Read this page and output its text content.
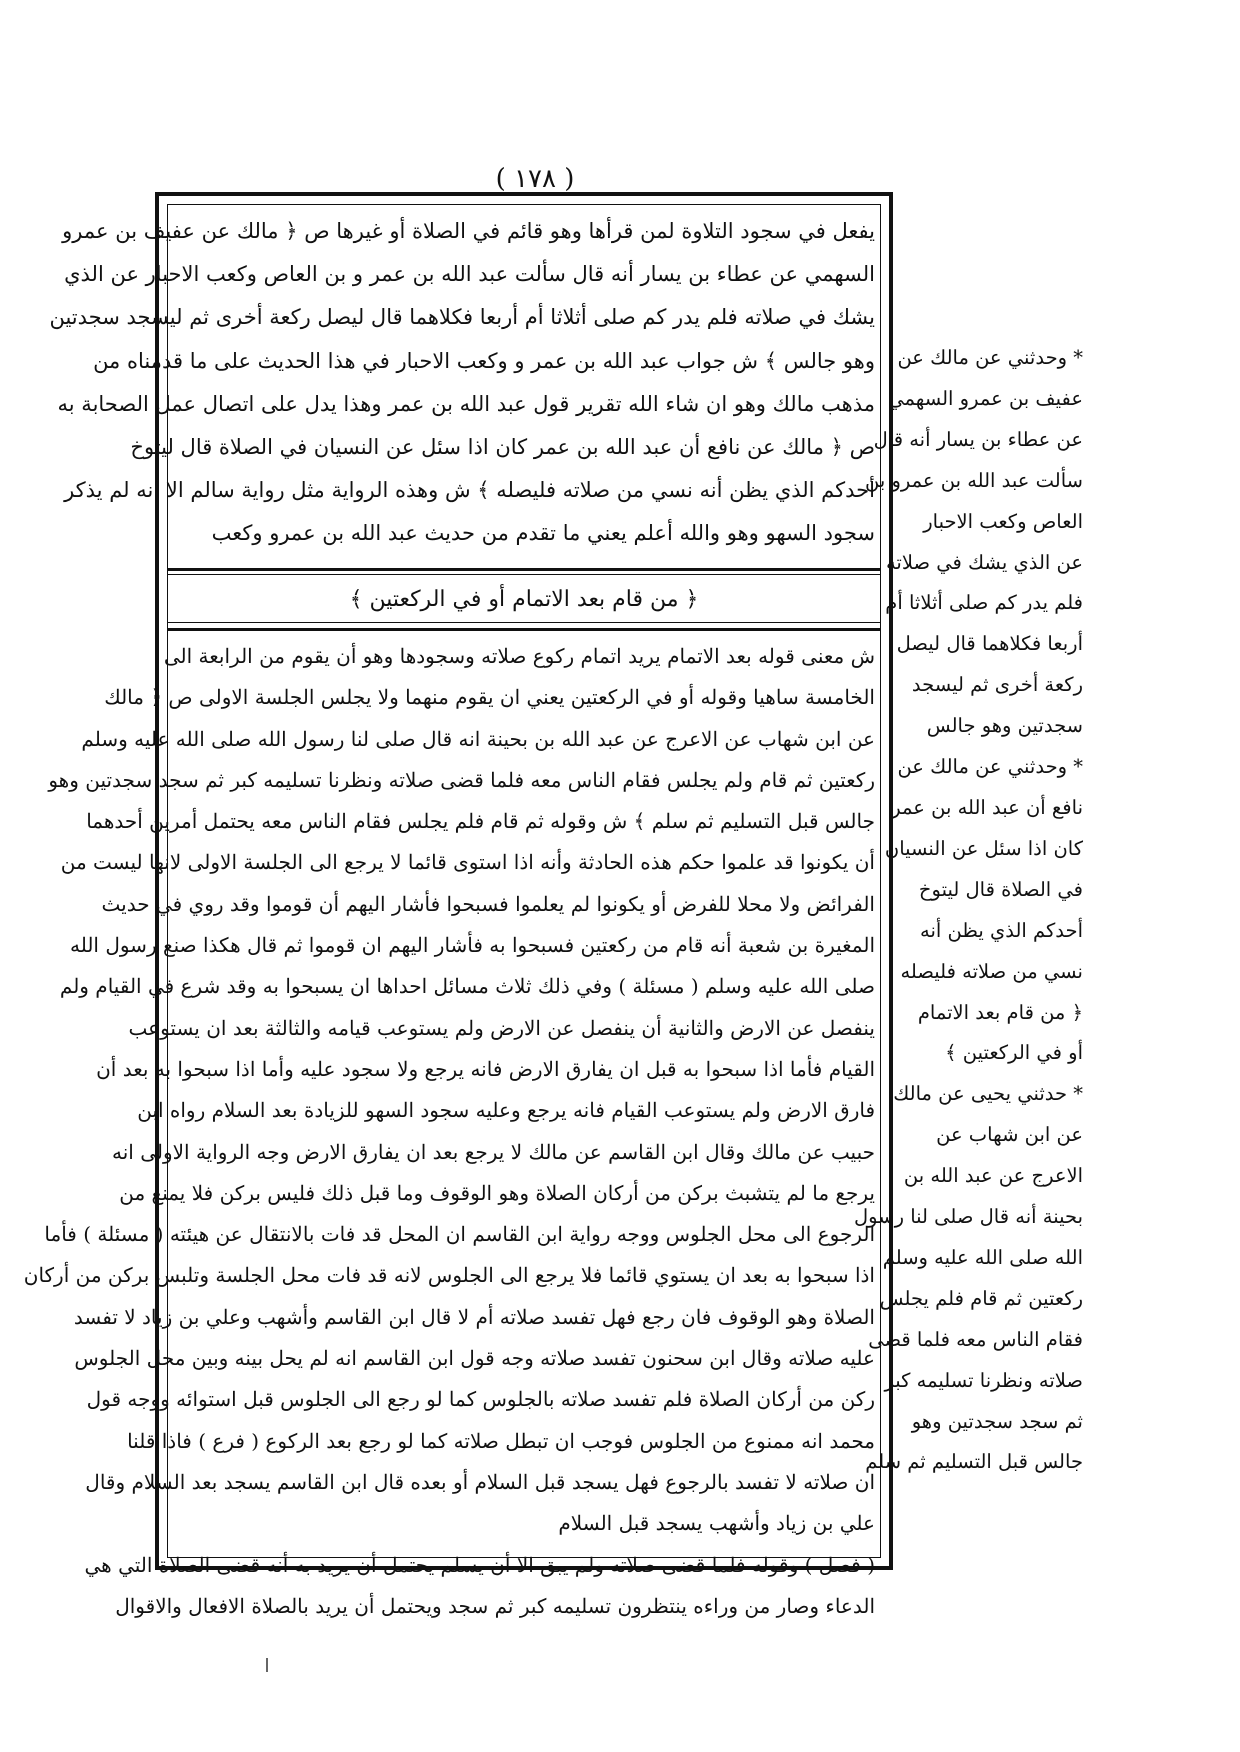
( ١٧٨ )

يفعل في سجود التلاوة لمن قرأها وهو قائم في الصلاة أو غيرها ص ﴿ مالك عن عفيف بن عمرو

السهمي عن عطاء بن يسار أنه قال سألت عبد الله بن عمر و بن العاص وكعب الاحبار عن الذي

يشك في صلاته فلم يدر كم صلى أثلاثا أم أربعا فكلاهما قال ليصل ركعة أخرى ثم ليسجد سجدتين

وهو جالس ﴾ ش جواب عبد الله بن عمر و وكعب الاحبار في هذا الحديث على ما قدمناه من

مذهب مالك وهو ان شاء الله تقرير قول عبد الله بن عمر وهذا يدل على اتصال عمل الصحابة به

ص ﴿ مالك عن نافع أن عبد الله بن عمر كان اذا سئل عن النسيان في الصلاة قال ليتوخ

أحدكم الذي يظن أنه نسي من صلاته فليصله ﴾ ش وهذه الرواية مثل رواية سالم الا انه لم يذكر

سجود السهو وهو والله أعلم يعني ما تقدم من حديث عبد الله بن عمرو وكعب

﴿ من قام بعد الاتمام أو في الركعتين ﴾

ش معنى قوله بعد الاتمام يريد اتمام ركوع صلاته وسجودها وهو أن يقوم من الرابعة الى

الخامسة ساهيا وقوله أو في الركعتين يعني ان يقوم منهما ولا يجلس الجلسة الاولى ص ﴿ مالك

عن ابن شهاب عن الاعرج عن عبد الله بن بحينة انه قال صلى لنا رسول الله صلى الله عليه وسلم

ركعتين ثم قام ولم يجلس فقام الناس معه فلما قضى صلاته ونظرنا تسليمه كبر ثم سجد سجدتين وهو

جالس قبل التسليم ثم سلم ﴾ ش وقوله ثم قام فلم يجلس فقام الناس معه يحتمل أمرين أحدهما

أن يكونوا قد علموا حكم هذه الحادثة وأنه اذا استوى قائما لا يرجع الى الجلسة الاولى لانها ليست من

الفرائض ولا محلا للفرض أو يكونوا لم يعلموا فسبحوا فأشار اليهم أن قوموا وقد روي في حديث

المغيرة بن شعبة أنه قام من ركعتين فسبحوا به فأشار اليهم ان قوموا ثم قال هكذا صنع رسول الله

صلى الله عليه وسلم ( مسئلة ) وفي ذلك ثلاث مسائل احداها ان يسبحوا به وقد شرع في القيام ولم

ينفصل عن الارض والثانية أن ينفصل عن الارض ولم يستوعب قيامه والثالثة بعد ان يستوعب

القيام فأما اذا سبحوا به قبل ان يفارق الارض فانه يرجع ولا سجود عليه وأما اذا سبحوا به بعد أن

فارق الارض ولم يستوعب القيام فانه يرجع وعليه سجود السهو للزيادة بعد السلام رواه ابن

حبيب عن مالك وقال ابن القاسم عن مالك لا يرجع بعد ان يفارق الارض وجه الرواية الاولى انه

يرجع ما لم يتشبث بركن من أركان الصلاة وهو الوقوف وما قبل ذلك فليس بركن فلا يمنع من

الرجوع الى محل الجلوس ووجه رواية ابن القاسم ان المحل قد فات بالانتقال عن هيئته ( مسئلة ) فأما

اذا سبحوا به بعد ان يستوي قائما فلا يرجع الى الجلوس لانه قد فات محل الجلسة وتلبس بركن من أركان

الصلاة وهو الوقوف فان رجع فهل تفسد صلاته أم لا قال ابن القاسم وأشهب وعلي بن زياد لا تفسد

عليه صلاته وقال ابن سحنون تفسد صلاته وجه قول ابن القاسم انه لم يحل بينه وبين محل الجلوس

ركن من أركان الصلاة فلم تفسد صلاته بالجلوس كما لو رجع الى الجلوس قبل استوائه ووجه قول

محمد انه ممنوع من الجلوس فوجب ان تبطل صلاته كما لو رجع بعد الركوع ( فرع ) فاذا قلنا

ان صلاته لا تفسد بالرجوع فهل يسجد قبل السلام أو بعده قال ابن القاسم يسجد بعد السلام وقال

علي بن زياد وأشهب يسجد قبل السلام

( فصل ) وقوله فلما قضى صلاته ولم يبق الا أن يسلم يحتمل أن يريد به أنه قضى الصلاة التي هي

الدعاء وصار من وراءه ينتظرون تسليمه كبر ثم سجد ويحتمل أن يريد بالصلاة الافعال والاقوال

* وحدثني عن مالك عن

عفيف بن عمرو السهمي

عن عطاء بن يسار أنه قال

سألت عبد الله بن عمرو بن

العاص وكعب الاحبار

عن الذي يشك في صلاته

فلم يدر كم صلى أثلاثا أم

أربعا فكلاهما قال ليصل

ركعة أخرى ثم ليسجد

سجدتين وهو جالس

* وحدثني عن مالك عن

نافع أن عبد الله بن عمر

كان اذا سئل عن النسيان

في الصلاة قال ليتوخ

أحدكم الذي يظن أنه

نسي من صلاته فليصله

﴿ من قام بعد الاتمام

أو في الركعتين ﴾

* حدثني يحيى عن مالك

عن ابن شهاب عن

الاعرج عن عبد الله بن

بحينة أنه قال صلى لنا رسول

الله صلى الله عليه وسلم

ركعتين ثم قام فلم يجلس

فقام الناس معه فلما قضى

صلاته ونظرنا تسليمه كبر

ثم سجد سجدتين وهو

جالس قبل التسليم ثم سلم
